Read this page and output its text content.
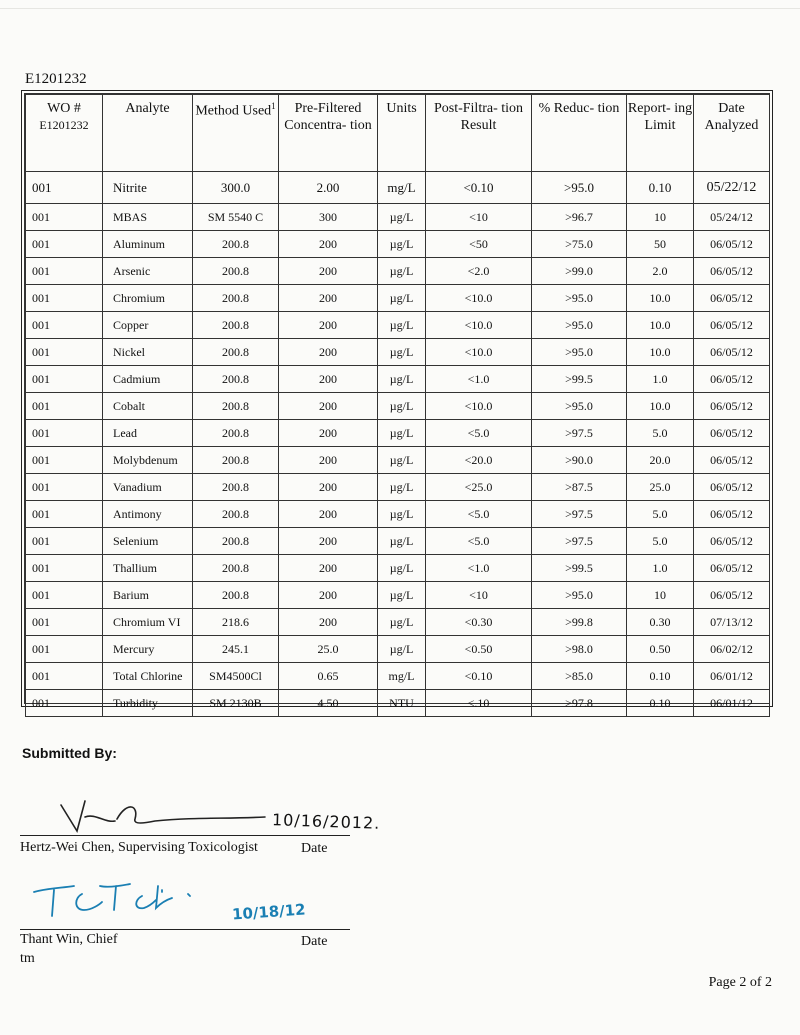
E1201232
WO #
E1201232	Analyte	Method Used$^1$	Pre-Filtered Concentra- tion	Units	Post-Filtra- tion Result	% Reduc- tion	Report- ing Limit	Date Analyzed
001	Nitrite	300.0	2.00	mg/L	<0.10	>95.0	0.10	05/22/12
001	MBAS	SM 5540 C	300	µg/L	<10	>96.7	10	05/24/12
001	Aluminum	200.8	200	µg/L	<50	>75.0	50	06/05/12
001	Arsenic	200.8	200	µg/L	<2.0	>99.0	2.0	06/05/12
001	Chromium	200.8	200	µg/L	<10.0	>95.0	10.0	06/05/12
001	Copper	200.8	200	µg/L	<10.0	>95.0	10.0	06/05/12
001	Nickel	200.8	200	µg/L	<10.0	>95.0	10.0	06/05/12
001	Cadmium	200.8	200	µg/L	<1.0	>99.5	1.0	06/05/12
001	Cobalt	200.8	200	µg/L	<10.0	>95.0	10.0	06/05/12
001	Lead	200.8	200	µg/L	<5.0	>97.5	5.0	06/05/12
001	Molybdenum	200.8	200	µg/L	<20.0	>90.0	20.0	06/05/12
001	Vanadium	200.8	200	µg/L	<25.0	>87.5	25.0	06/05/12
001	Antimony	200.8	200	µg/L	<5.0	>97.5	5.0	06/05/12
001	Selenium	200.8	200	µg/L	<5.0	>97.5	5.0	06/05/12
001	Thallium	200.8	200	µg/L	<1.0	>99.5	1.0	06/05/12
001	Barium	200.8	200	µg/L	<10	>95.0	10	06/05/12
001	Chromium VI	218.6	200	µg/L	<0.30	>99.8	0.30	07/13/12
001	Mercury	245.1	25.0	µg/L	<0.50	>98.0	0.50	06/02/12
001	Total Chlorine	SM4500Cl	0.65	mg/L	<0.10	>85.0	0.10	06/01/12
001	Turbidity	SM 2130B	4.50	NTU	<.10	>97.8	0.10	06/01/12
Submitted By:
10/16/2012.
Hertz-Wei Chen, Supervising Toxicologist	Date
10/18/12
Thant Win, Chief	Date
tm
Page 2 of 2
